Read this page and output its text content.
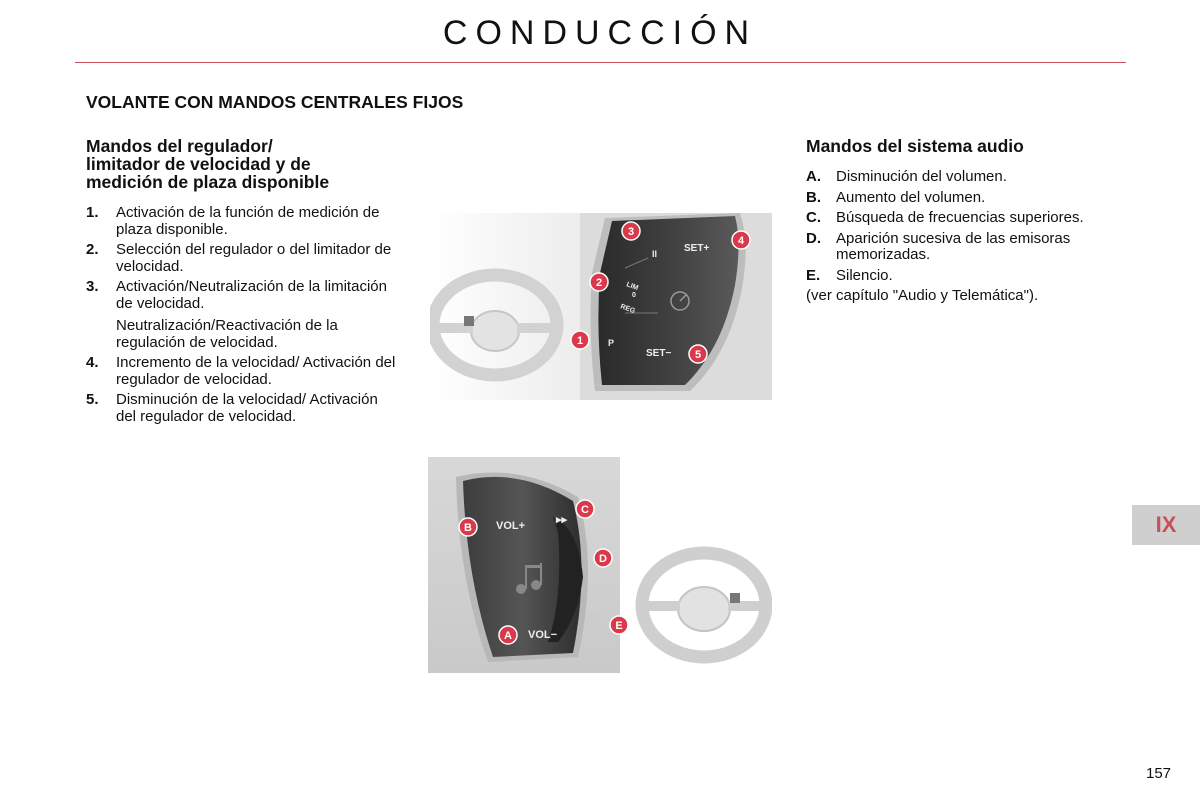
CONDUCCIÓN
VOLANTE CON MANDOS CENTRALES FIJOS
Mandos del regulador/
limitador de velocidad y de
medición de plaza disponible
1.	Activación de la función de medición de plaza disponible.
2.	Selección del regulador o del limitador de velocidad.
3.	Activación/Neutralización de la limitación de velocidad.
Neutralización/Reactivación de la regulación de velocidad.
4.	Incremento de la velocidad/ Activación del regulador de velocidad.
5.	Disminución de la velocidad/ Activación del regulador de velocidad.
Mandos del sistema audio
A.	Disminución del volumen.
B.	Aumento del volumen.
C.	Búsqueda de frecuencias superiores.
D.	Aparición sucesiva de las emisoras memorizadas.
E.	Silencio.
(ver capítulo "Audio y Telemática").
II	SET+
LIM
0
REG
P
SET−
3
4
2
1
5
VOL+	▸▸
VOL−
B
C
D
A
E
IX
157
